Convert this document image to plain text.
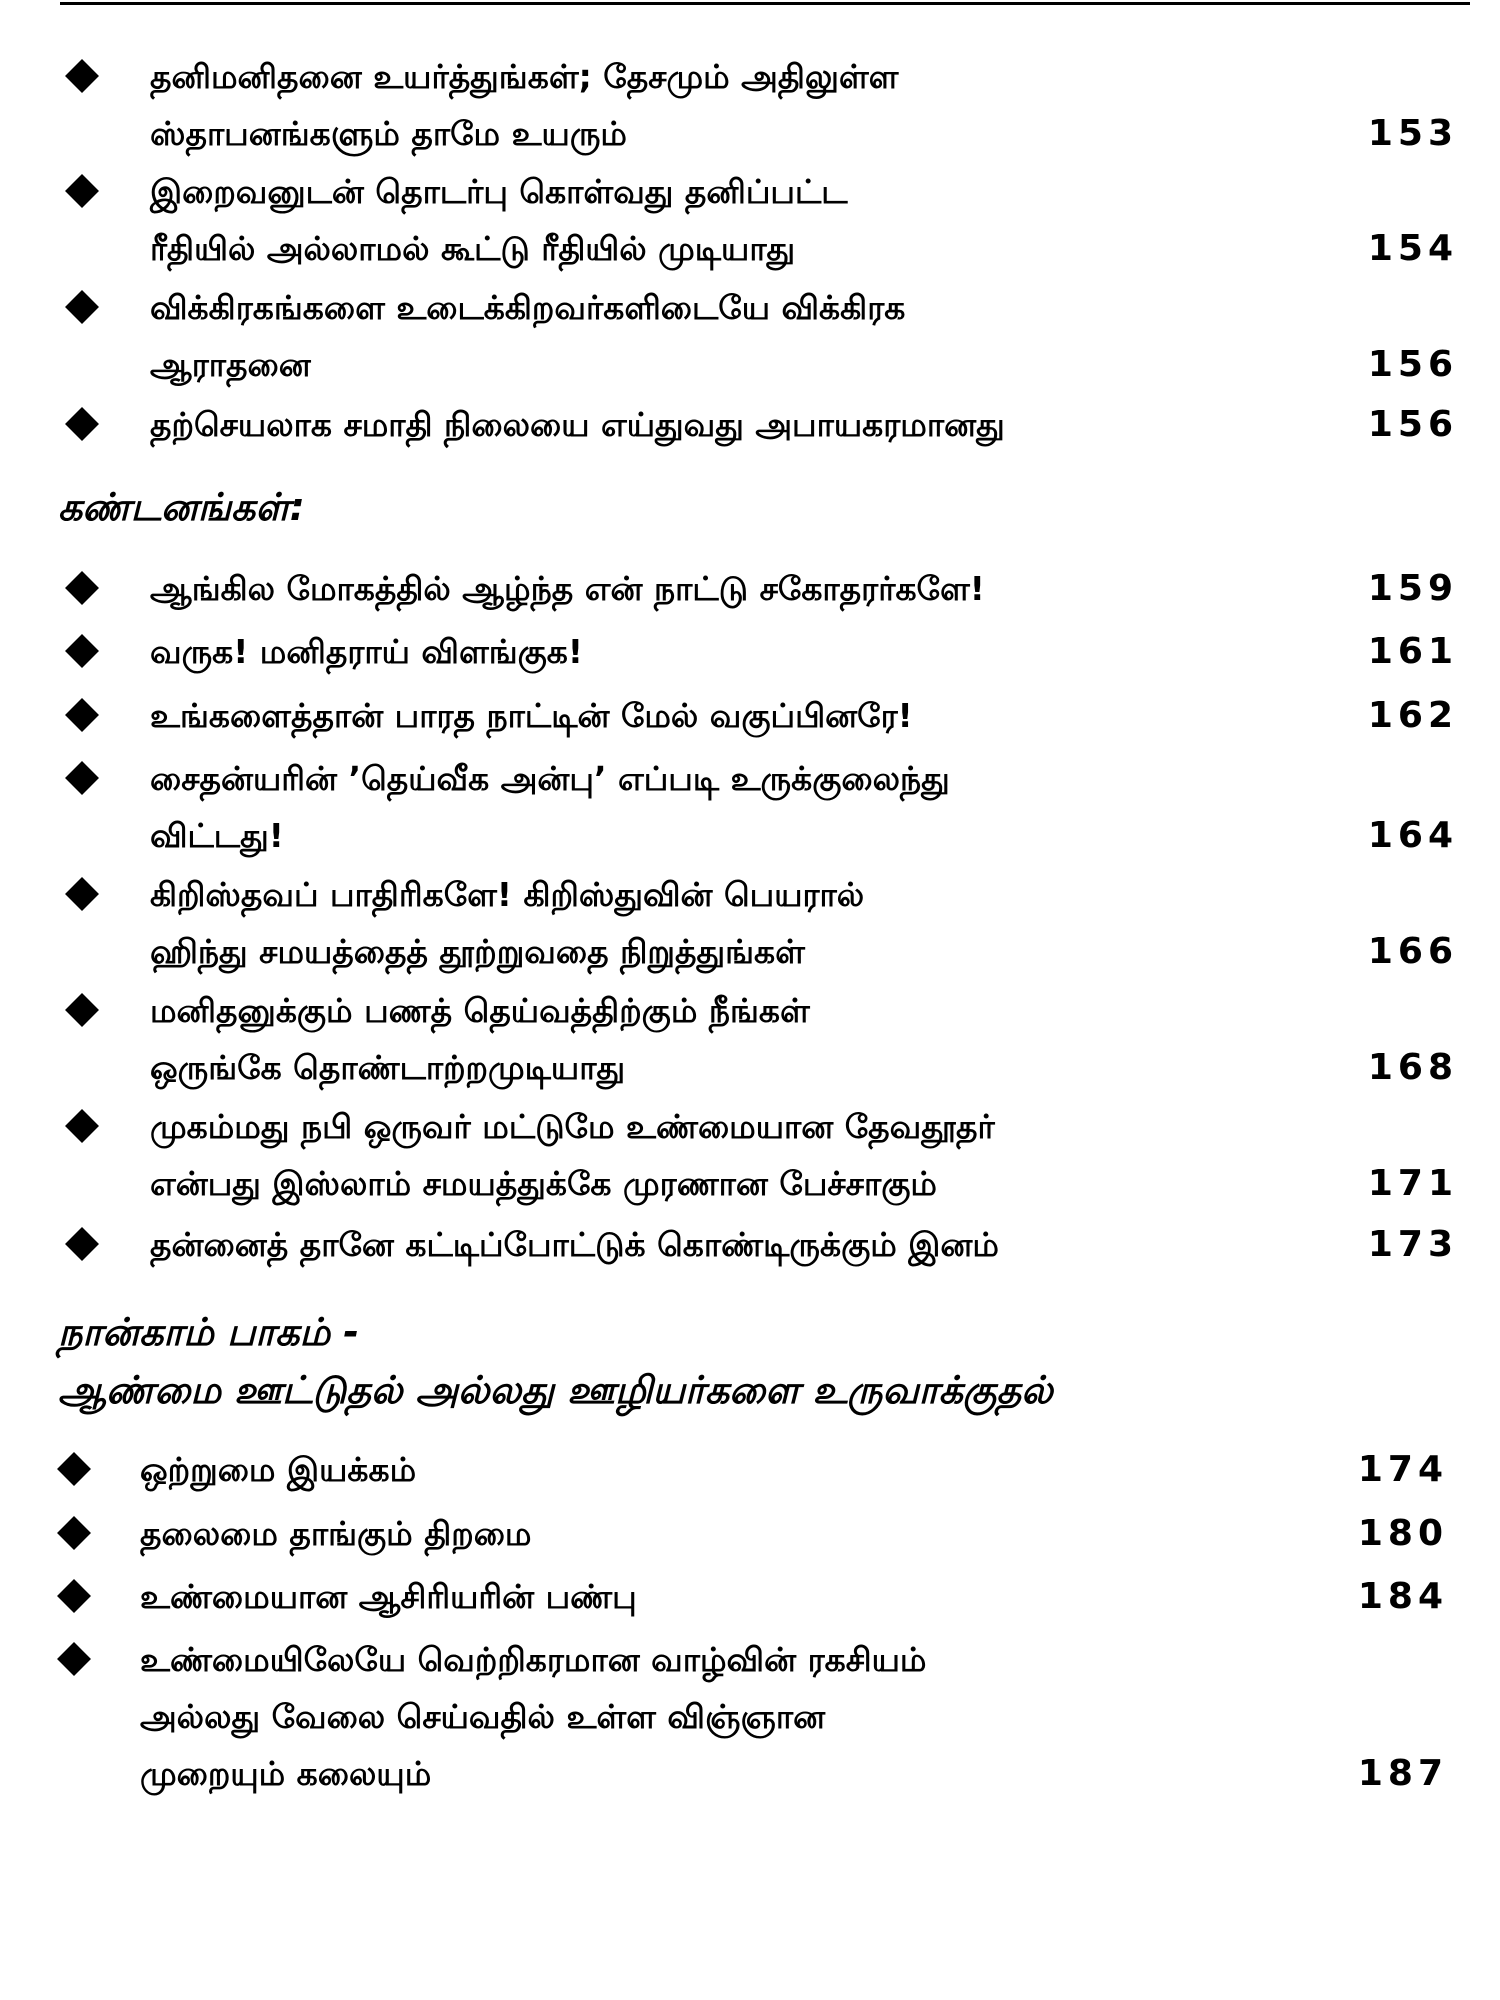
தனிமனிதனை உயர்த்துங்கள்; தேசமும் அதிலுள்ள
ஸ்தாபனங்களும் தாமே உயரும்	153
இறைவனுடன் தொடர்பு கொள்வது தனிப்பட்ட
ரீதியில் அல்லாமல் கூட்டு ரீதியில் முடியாது	154
விக்கிரகங்களை உடைக்கிறவர்களிடையே விக்கிரக
ஆராதனை	156
தற்செயலாக சமாதி நிலையை எய்துவது அபாயகரமானது	156
கண்டனங்கள்:
ஆங்கில மோகத்தில் ஆழ்ந்த என் நாட்டு சகோதரர்களே!	159
வருக! மனிதராய் விளங்குக!	161
உங்களைத்தான் பாரத நாட்டின் மேல் வகுப்பினரே!	162
சைதன்யரின் ’தெய்வீக அன்பு’ எப்படி உருக்குலைந்து
விட்டது!	164
கிறிஸ்தவப் பாதிரிகளே! கிறிஸ்துவின் பெயரால்
ஹிந்து சமயத்தைத் தூற்றுவதை நிறுத்துங்கள்	166
மனிதனுக்கும் பணத் தெய்வத்திற்கும் நீங்கள்
ஒருங்கே தொண்டாற்றமுடியாது	168
முகம்மது நபி ஒருவர் மட்டுமே உண்மையான தேவதூதர்
என்பது இஸ்லாம் சமயத்துக்கே முரணான பேச்சாகும்	171
தன்னைத் தானே கட்டிப்போட்டுக் கொண்டிருக்கும் இனம்	173
நான்காம் பாகம் -
ஆண்மை ஊட்டுதல் அல்லது ஊழியர்களை உருவாக்குதல்
ஒற்றுமை இயக்கம்	174
தலைமை தாங்கும் திறமை	180
உண்மையான ஆசிரியரின் பண்பு	184
உண்மையிலேயே வெற்றிகரமான வாழ்வின் ரகசியம்
அல்லது வேலை செய்வதில் உள்ள விஞ்ஞான
முறையும் கலையும்	187
